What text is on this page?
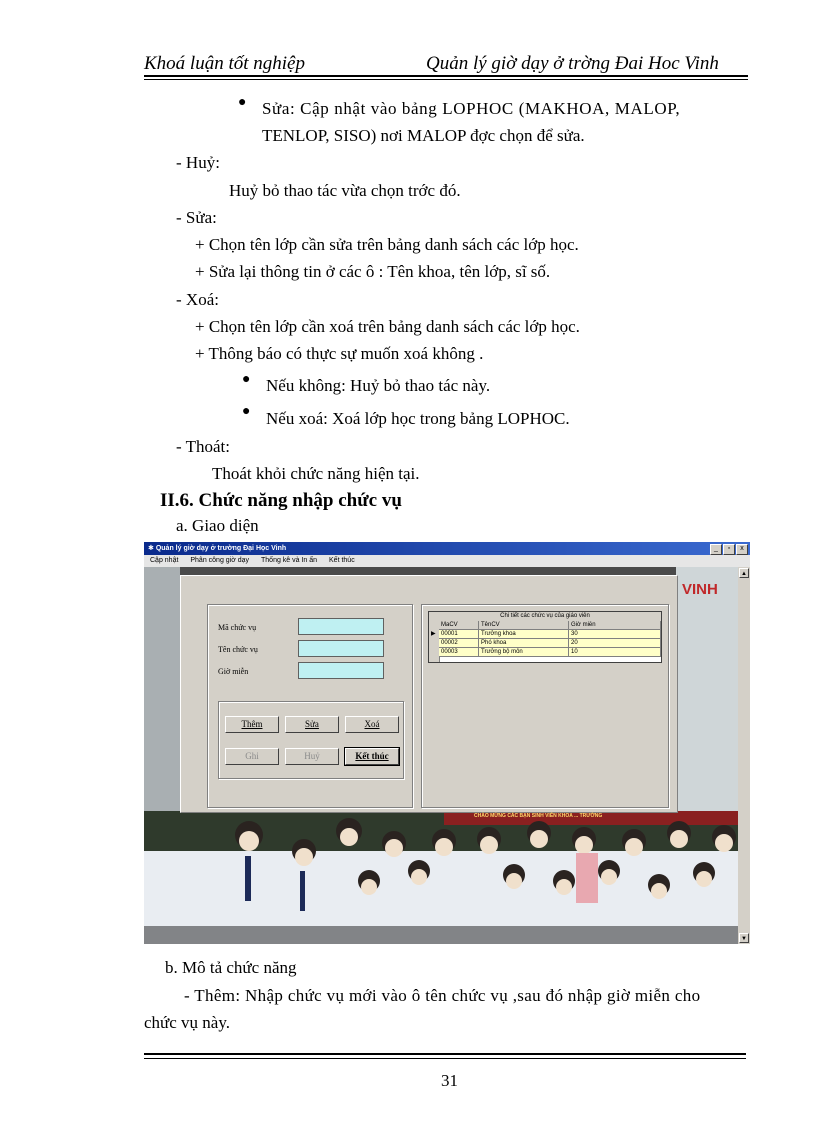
Khoá luận tốt nghiệp	Quản lý giờ dạy ở trờng Đai Hoc Vinh
● Sửa: Cập nhật vào bảng LOPHOC (MAKHOA, MALOP,
TENLOP, SISO) nơi MALOP đợc chọn để sửa.
- Huỷ:
Huỷ bỏ thao tác vừa chọn trớc đó.
- Sửa:
+ Chọn tên lớp cần sửa trên bảng danh sách các lớp học.
+ Sửa lại thông tin ở các ô : Tên khoa, tên lớp, sĩ số.
- Xoá:
+ Chọn tên lớp cần xoá trên bảng danh sách các lớp học.
+ Thông báo có thực sự muốn xoá không .
● Nếu không: Huỷ bỏ thao tác này.
● Nếu xoá: Xoá lớp học trong bảng LOPHOC.
- Thoát:
Thoát khỏi chức năng hiện tại.
II.6. Chức năng nhập chức vụ
a. Giao diện
VINH
✱ Quản lý giờ dạy ở trường Đại Học Vinh	_	▫	x
Cập nhật Phân công giờ dạy Thống kê và In ấn Kết thúc
▲
▼
Mã chức vụ
Tên chức vụ
Giờ miễn
Thêm	Sửa	Xoá
Ghi	Huỷ	Kết thúc
Chi tiết các chức vụ của giáo viên
▶
MaCV	TênCV	Giờ miễn
00001	Trưởng khoa	30
00002	Phó khoa	20
00003	Trưởng bộ môn	10
CHÀO MỪNG CÁC BẠN SINH VIÊN KHOA ... TRƯỜNG
b. Mô tả chức năng
- Thêm: Nhập chức vụ mới vào ô tên chức vụ ,sau đó nhập giờ miễn cho
chức vụ này.
31
